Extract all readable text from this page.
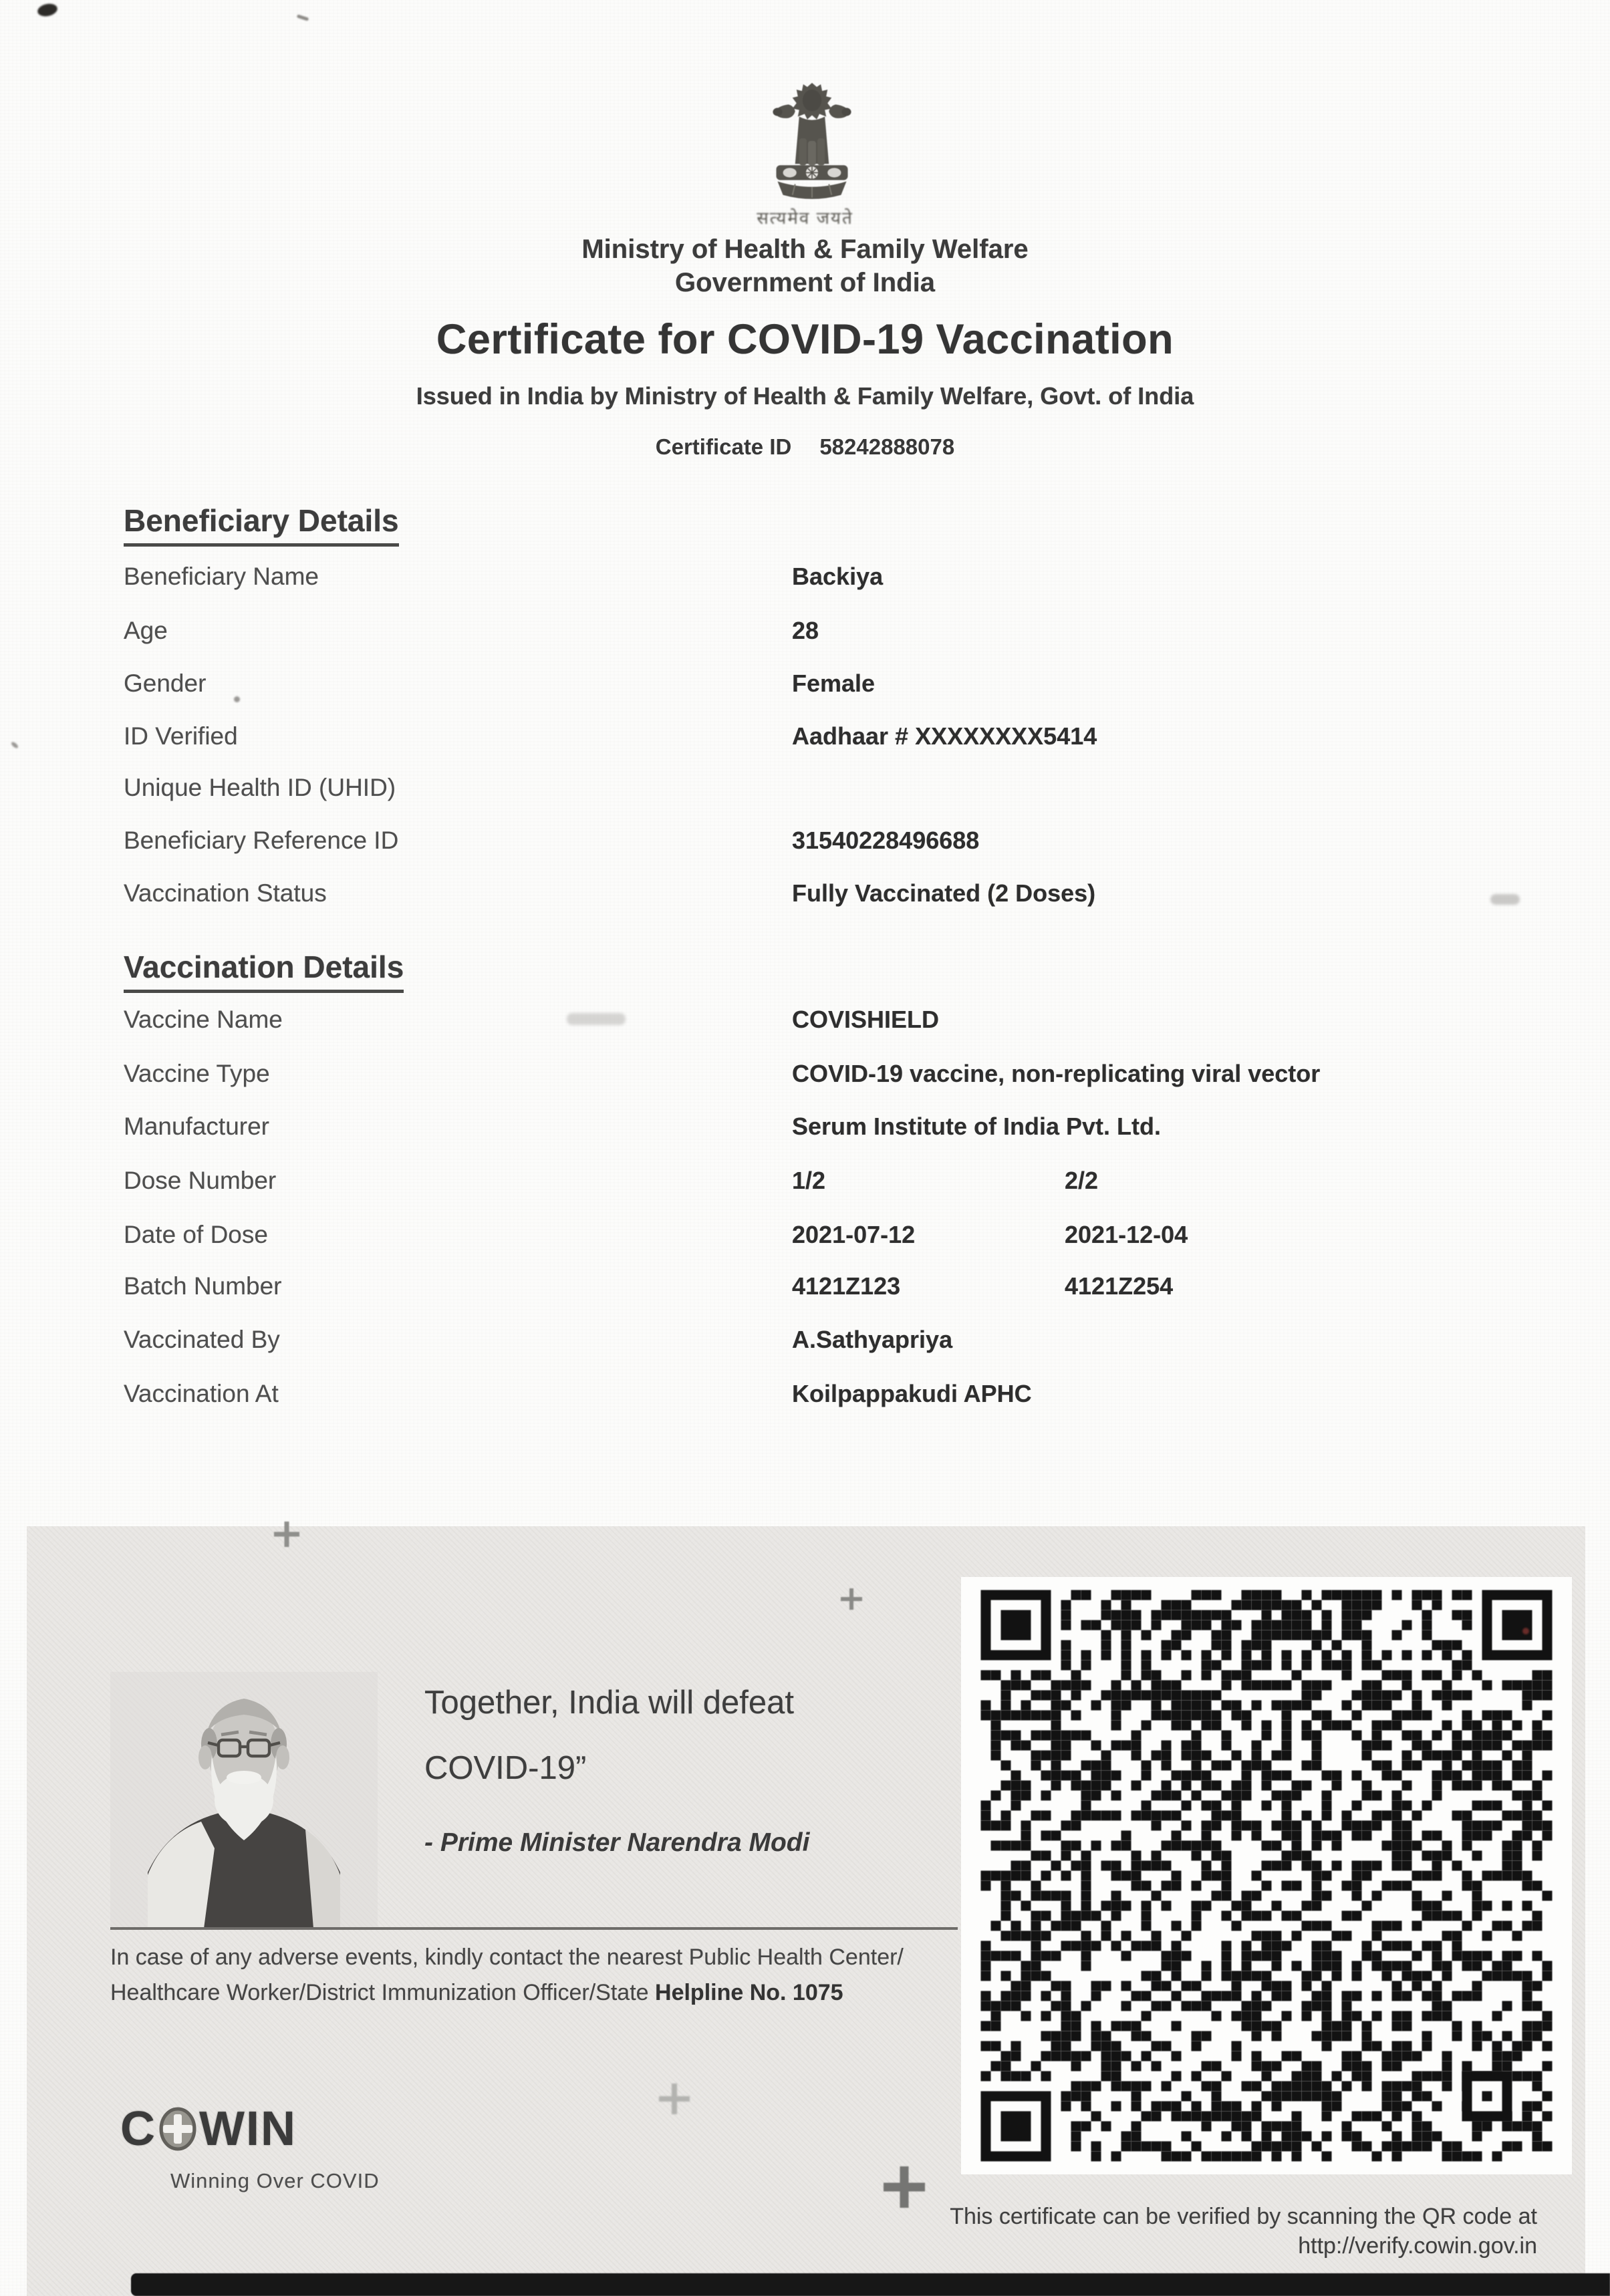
सत्यमेव जयते
Ministry of Health & Family Welfare
Government of India
Certificate for COVID-19 Vaccination
Issued in India by Ministry of Health & Family Welfare, Govt. of India
Certificate ID 58242888078
Beneficiary Details
Beneficiary Name	Backiya
Age	28
Gender	Female
ID Verified	Aadhaar # XXXXXXXX5414
Unique Health ID (UHID)
Beneficiary Reference ID	31540228496688
Vaccination Status	Fully Vaccinated (2 Doses)
Vaccination Details
Vaccine Name	COVISHIELD
Vaccine Type	COVID-19 vaccine, non-replicating viral vector
Manufacturer	Serum Institute of India Pvt. Ltd.
Dose Number	1/2	2/2
Date of Dose	2021-07-12	2021-12-04
Batch Number	4121Z123	4121Z254
Vaccinated By	A.Sathyapriya
Vaccination At	Koilpappakudi APHC
Together, India will defeat
COVID-19”
- Prime Minister Narendra Modi
In case of any adverse events, kindly contact the nearest Public Health Center/
Healthcare Worker/District Immunization Officer/State Helpline No. 1075
C WIN
Winning Over COVID
This certificate can be verified by scanning the QR code at
http://verify.cowin.gov.in
